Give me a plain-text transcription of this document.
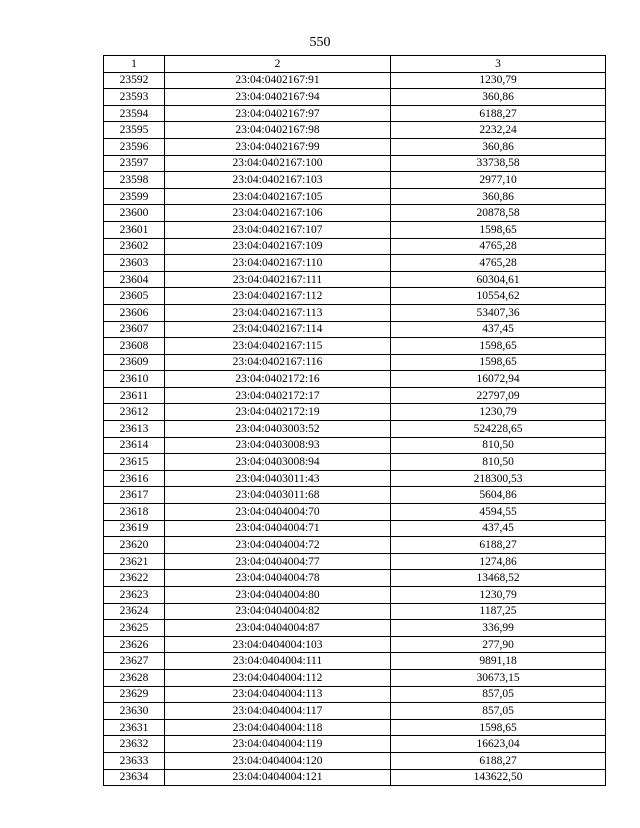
550
1	2	3
23592	23:04:0402167:91	1230,79
23593	23:04:0402167:94	360,86
23594	23:04:0402167:97	6188,27
23595	23:04:0402167:98	2232,24
23596	23:04:0402167:99	360,86
23597	23:04:0402167:100	33738,58
23598	23:04:0402167:103	2977,10
23599	23:04:0402167:105	360,86
23600	23:04:0402167:106	20878,58
23601	23:04:0402167:107	1598,65
23602	23:04:0402167:109	4765,28
23603	23:04:0402167:110	4765,28
23604	23:04:0402167:111	60304,61
23605	23:04:0402167:112	10554,62
23606	23:04:0402167:113	53407,36
23607	23:04:0402167:114	437,45
23608	23:04:0402167:115	1598,65
23609	23:04:0402167:116	1598,65
23610	23:04:0402172:16	16072,94
23611	23:04:0402172:17	22797,09
23612	23:04:0402172:19	1230,79
23613	23:04:0403003:52	524228,65
23614	23:04:0403008:93	810,50
23615	23:04:0403008:94	810,50
23616	23:04:0403011:43	218300,53
23617	23:04:0403011:68	5604,86
23618	23:04:0404004:70	4594,55
23619	23:04:0404004:71	437,45
23620	23:04:0404004:72	6188,27
23621	23:04:0404004:77	1274,86
23622	23:04:0404004:78	13468,52
23623	23:04:0404004:80	1230,79
23624	23:04:0404004:82	1187,25
23625	23:04:0404004:87	336,99
23626	23:04:0404004:103	277,90
23627	23:04:0404004:111	9891,18
23628	23:04:0404004:112	30673,15
23629	23:04:0404004:113	857,05
23630	23:04:0404004:117	857,05
23631	23:04:0404004:118	1598,65
23632	23:04:0404004:119	16623,04
23633	23:04:0404004:120	6188,27
23634	23:04:0404004:121	143622,50
